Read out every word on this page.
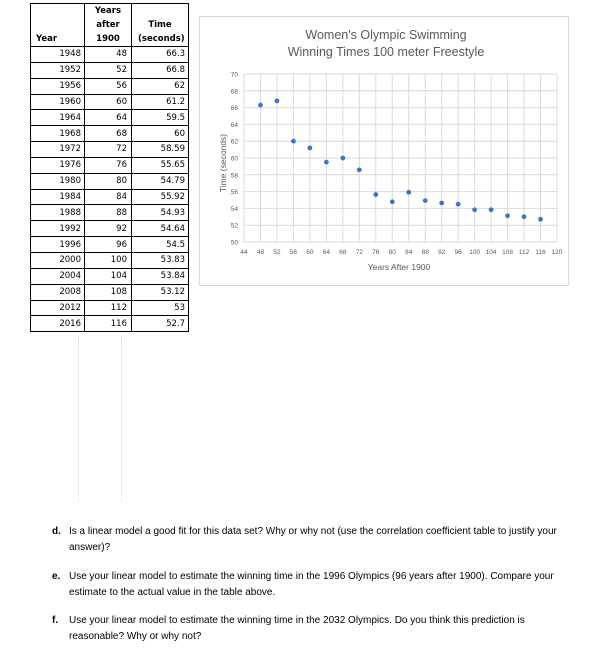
Year	Years after 1900	Time (seconds)
1948	48	66.3
1952	52	66.8
1956	56	62
1960	60	61.2
1964	64	59.5
1968	68	60
1972	72	58.59
1976	76	55.65
1980	80	54.79
1984	84	55.92
1988	88	54.93
1992	92	54.64
1996	96	54.5
2000	100	53.83
2004	104	53.84
2008	108	53.12
2012	112	53
2016	116	52.7
Women's Olympic Swimming
Winning Times 100 meter Freestyle
50
52
54
56
58
60
62
64
66
68
70
44 48 52 56 60 64 68 72 76 80 84 88 92 96 100 104 108 112 116 120
Years After 1900
Time (seconds)
d. Is a linear model a good fit for this data set? Why or why not (use the correlation coefficient table to justify your answer)?
e. Use your linear model to estimate the winning time in the 1996 Olympics (96 years after 1900). Compare your estimate to the actual value in the table above.
f. Use your linear model to estimate the winning time in the 2032 Olympics. Do you think this prediction is reasonable? Why or why not?
